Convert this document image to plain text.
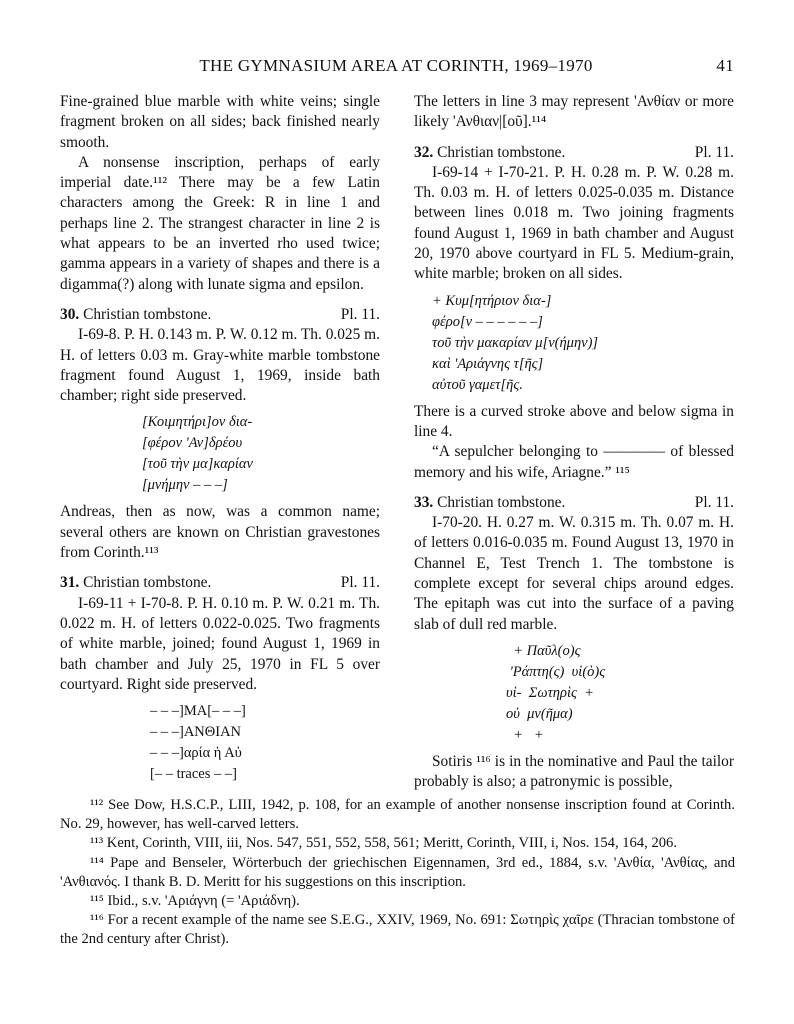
THE GYMNASIUM AREA AT CORINTH, 1969–1970	41

Fine-grained blue marble with white veins; single fragment broken on all sides; back finished nearly smooth.

A nonsense inscription, perhaps of early imperial date.¹¹² There may be a few Latin characters among the Greek: R in line 1 and perhaps line 2. The strangest character in line 2 is what appears to be an inverted rho used twice; gamma appears in a variety of shapes and there is a digamma(?) along with lunate sigma and epsilon.

30. Christian tombstone.	Pl. 11.

I-69-8. P. H. 0.143 m. P. W. 0.12 m. Th. 0.025 m. H. of letters 0.03 m. Gray-white marble tombstone fragment found August 1, 1969, inside bath chamber; right side preserved.

[Κοιμητήρι]ον δια-
[φέρον 'Αν]δρέου
[τοῦ τὴν μα]καρίαν
[μνήμην – – –]

Andreas, then as now, was a common name; several others are known on Christian gravestones from Corinth.¹¹³

31. Christian tombstone.	Pl. 11.

I-69-11 + I-70-8. P. H. 0.10 m. P. W. 0.21 m. Th. 0.022 m. H. of letters 0.022-0.025. Two fragments of white marble, joined; found August 1, 1969 in bath chamber and July 25, 1970 in FL 5 over courtyard. Right side preserved.

– – –]MA[– – –]
– – –]ANΘIAN
– – –]αρία ἡ Αὐ
[– – traces – –]

The letters in line 3 may represent 'Ανθίαν or more likely 'Ανθιαν|[οῦ].¹¹⁴

32. Christian tombstone.	Pl. 11.

I-69-14 + I-70-21. P. H. 0.28 m. P. W. 0.28 m. Th. 0.03 m. H. of letters 0.025-0.035 m. Distance between lines 0.018 m. Two joining fragments found August 1, 1969 in bath chamber and August 20, 1970 above courtyard in FL 5. Medium-grain, white marble; broken on all sides.

+ Κυμ[ητήριον δια-]
φέρο[ν – – – – – –]
τοῦ τὴν μακαρίαν μ[ν(ήμην)]
καὶ 'Αριάγνης τ[ῆς]
αὐτοῦ γαμετ[ῆς.

There is a curved stroke above and below sigma in line 4.

“A sepulcher belonging to ———— of blessed memory and his wife, Ariagne.” ¹¹⁵

33. Christian tombstone.	Pl. 11.

I-70-20. H. 0.27 m. W. 0.315 m. Th. 0.07 m. H. of letters 0.016-0.035 m. Found August 13, 1970 in Channel E, Test Trench 1. The tombstone is complete except for several chips around edges. The epitaph was cut into the surface of a paving slab of dull red marble.

+ Παῦλ(ο)ς
'Ράπτη(ς)  υἱ(ὸ)ς
υἱ-  Σωτηρὶς  +
οὐ  μν(ῆμα)
+   +

Sotiris ¹¹⁶ is in the nominative and Paul the tailor probably is also; a patronymic is possible,

¹¹² See Dow, H.S.C.P., LIII, 1942, p. 108, for an example of another nonsense inscription found at Corinth. No. 29, however, has well-carved letters.

¹¹³ Kent, Corinth, VIII, iii, Nos. 547, 551, 552, 558, 561; Meritt, Corinth, VIII, i, Nos. 154, 164, 206.

¹¹⁴ Pape and Benseler, Wörterbuch der griechischen Eigennamen, 3rd ed., 1884, s.v. 'Ανθία, 'Ανθίας, and 'Ανθιανός. I thank B. D. Meritt for his suggestions on this inscription.

¹¹⁵ Ibid., s.v. 'Αριάγνη (= 'Αριάδνη).

¹¹⁶ For a recent example of the name see S.E.G., XXIV, 1969, No. 691: Σωτηρὶς χαῖρε (Thracian tombstone of the 2nd century after Christ).
